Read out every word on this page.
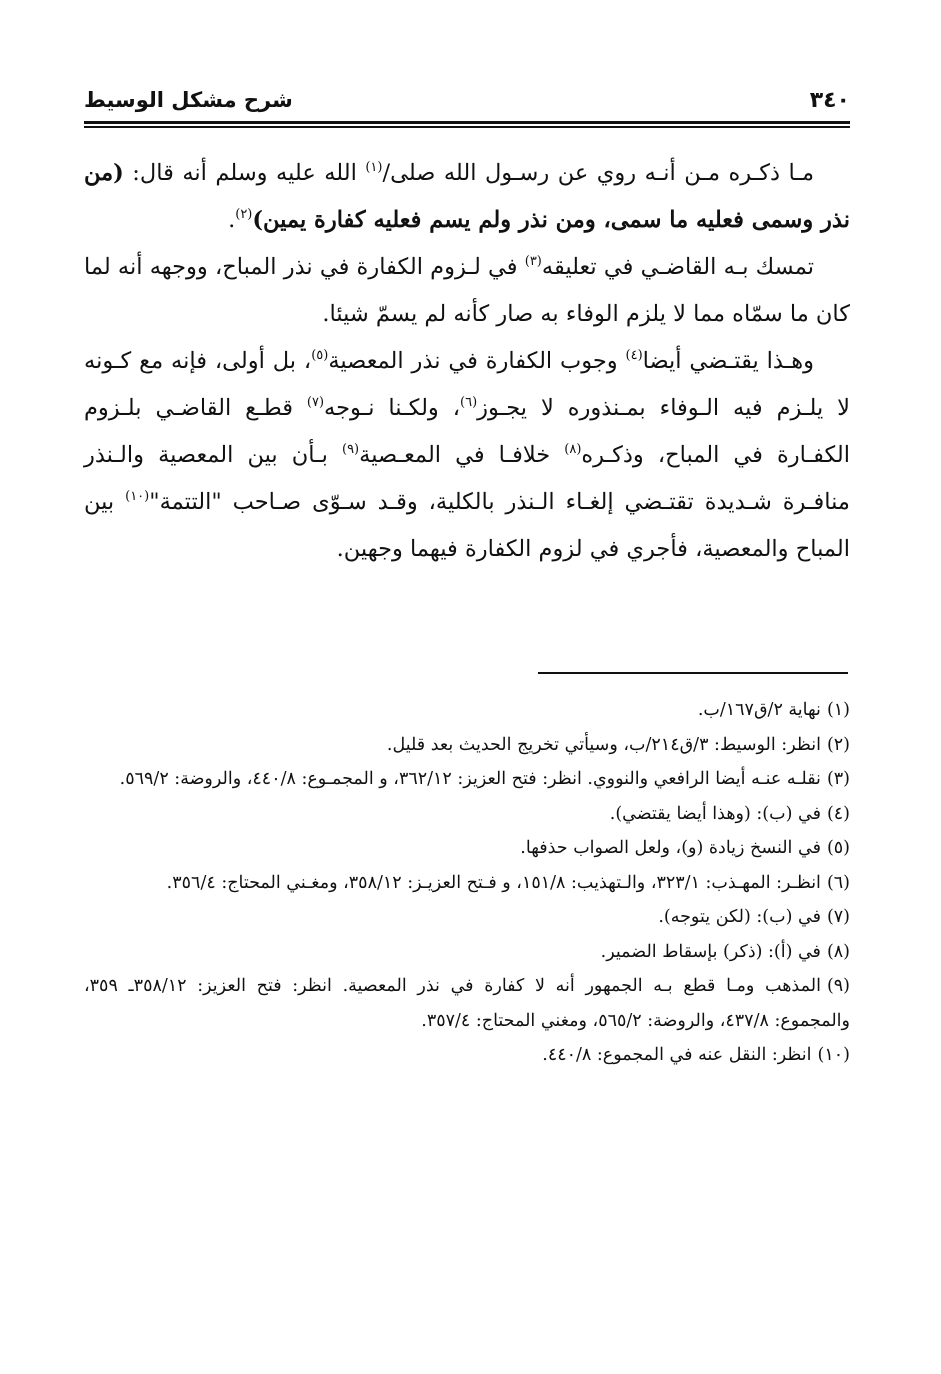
٣٤٠
شرح مشكل الوسيط

مـا ذكـره مـن أنـه روي عن رسـول الله صلى/$^{(١)}$ الله عليه وسلم أنه قال: (من نذر وسمى فعليه ما سمى، ومن نذر ولم يسم فعليه كفارة يمين)$^{(٢)}$.

تمسك بـه القاضـي في تعليقه$^{(٣)}$ في لـزوم الكفارة في نذر المباح، ووجهه أنه لما كان ما سمّاه مما لا يلزم الوفاء به صار كأنه لم يسمّ شيئا.

وهـذا يقتـضي أيضا$^{(٤)}$ وجوب الكفارة في نذر المعصية$^{(٥)}$، بل أولى، فإنه مع كـونه لا يلـزم فيه الـوفاء بمـنذوره لا يجـوز$^{(٦)}$، ولكـنا نـوجه$^{(٧)}$ قطـع القاضـي بلـزوم الكفـارة في المباح، وذكـره$^{(٨)}$ خلافـا في المعـصية$^{(٩)}$ بـأن بين المعصية والـنذر منافـرة شـديدة تقتـضي إلغـاء الـنذر بالكلية، وقـد سـوّى صـاحب "التتمة"$^{(١٠)}$ بين المباح والمعصية، فأجري في لزوم الكفارة فيهما وجهين.

(١)نهاية ٢/ق١٦٧/ب.

(٢)انظر: الوسيط: ٣/ق٢١٤/ب، وسيأتي تخريج الحديث بعد قليل.

(٣)نقلـه عنـه أيضا الرافعي والنووي. انظر: فتح العزيز: ٣٦٢/١٢، و المجمـوع: ٤٤٠/٨، والروضة: ٥٦٩/٢.

(٤)في (ب): (وهذا أيضا يقتضي).

(٥)في النسخ زيادة (و)، ولعل الصواب حذفها.

(٦)انظـر: المهـذب: ٣٢٣/١، والـتهذيب: ١٥١/٨، و فـتح العزيـز: ٣٥٨/١٢، ومغـني المحتاج: ٣٥٦/٤.

(٧)في (ب): (لكن يتوجه).

(٨)في (أ): (ذكر) بإسقاط الضمير.

(٩)المذهب ومـا قطع بـه الجمهور أنه لا كفارة في نذر المعصية. انظر: فتح العزيز: ٣٥٨/١٢ـ ٣٥٩، والمجموع: ٤٣٧/٨، والروضة: ٥٦٥/٢، ومغني المحتاج: ٣٥٧/٤.

(١٠)انظر: النقل عنه في المجموع: ٤٤٠/٨.
